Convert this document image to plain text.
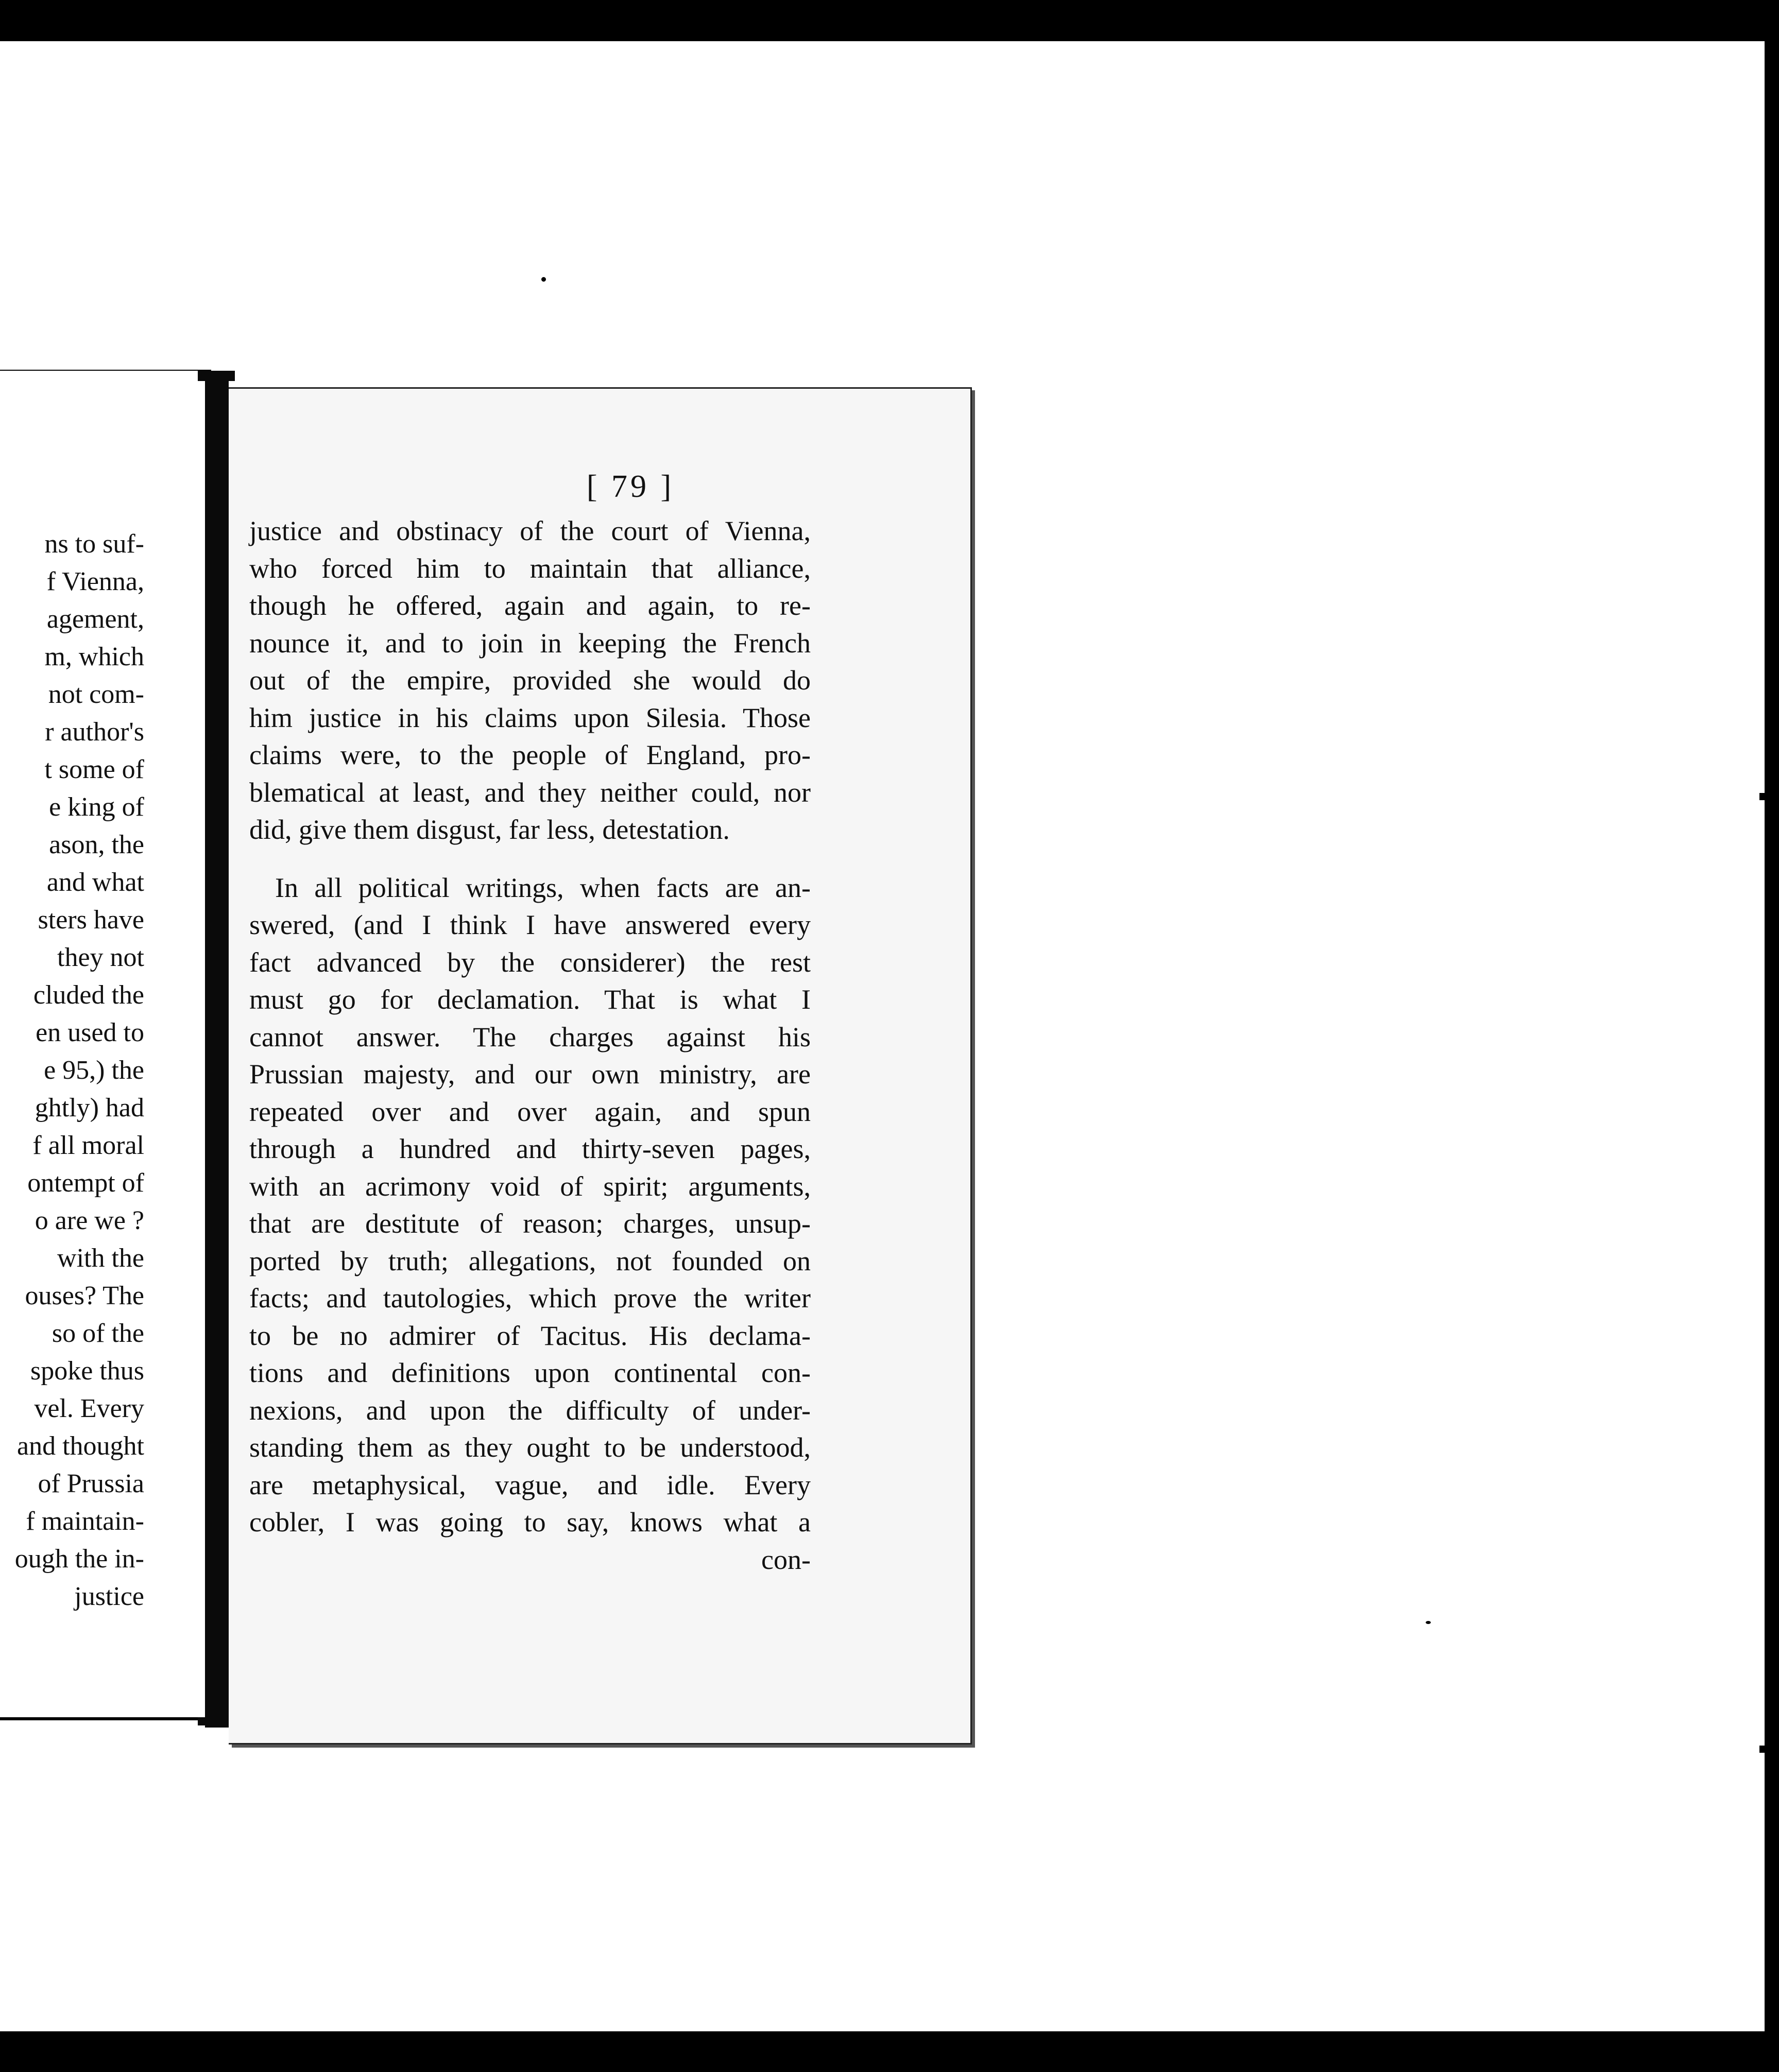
ns to suf-
f Vienna,
agement,
m, which
not com-
r author's
t some of
e king of
ason, the
and what
sters have
they not
cluded the
en used to
e 95,) the
ghtly) had
f all moral
ontempt of
o are we ?
with the
ouses? The
so of the
spoke thus
vel. Every
and thought
of Prussia
f maintain-
ough the in-
justice
[ 79 ]
justice and obstinacy of the court of Vienna,
who forced him to maintain that alliance,
though he offered, again and again, to re-
nounce it, and to join in keeping the French
out of the empire, provided she would do
him justice in his claims upon Silesia. Those
claims were, to the people of England, pro-
blematical at least, and they neither could, nor
did, give them disgust, far less, detestation.
In all political writings, when facts are an-
swered, (and I think I have answered every
fact advanced by the considerer) the rest
must go for declamation. That is what I
cannot answer. The charges against his
Prussian majesty, and our own ministry, are
repeated over and over again, and spun
through a hundred and thirty-seven pages,
with an acrimony void of spirit; arguments,
that are destitute of reason; charges, unsup-
ported by truth; allegations, not founded on
facts; and tautologies, which prove the writer
to be no admirer of Tacitus. His declama-
tions and definitions upon continental con-
nexions, and upon the difficulty of under-
standing them as they ought to be understood,
are metaphysical, vague, and idle. Every
cobler, I was going to say, knows what a
con-
